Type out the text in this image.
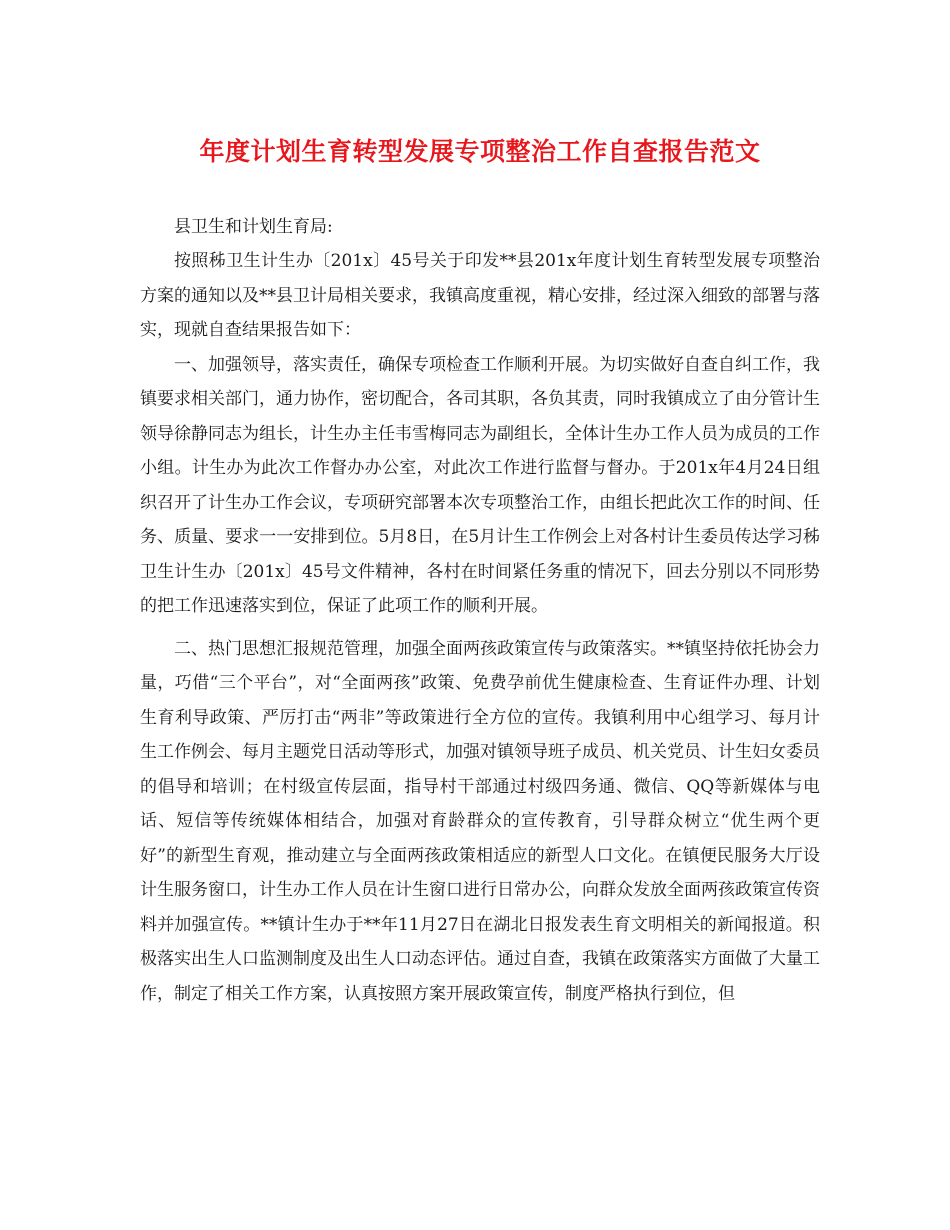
年度计划生育转型发展专项整治工作自查报告范文

县卫生和计划生育局:

按照秭卫生计生办〔201x〕45号关于印发**县201x年度计划生育转型发展专项整治方案的通知以及**县卫计局相关要求，我镇高度重视，精心安排，经过深入细致的部署与落实，现就自查结果报告如下：

一、加强领导，落实责任，确保专项检查工作顺利开展。为切实做好自查自纠工作，我镇要求相关部门，通力协作，密切配合，各司其职，各负其责，同时我镇成立了由分管计生领导徐静同志为组长，计生办主任韦雪梅同志为副组长，全体计生办工作人员为成员的工作小组。计生办为此次工作督办办公室，对此次工作进行监督与督办。于201x年4月24日组织召开了计生办工作会议，专项研究部署本次专项整治工作，由组长把此次工作的时间、任务、质量、要求一一安排到位。5月8日，在5月计生工作例会上对各村计生委员传达学习秭卫生计生办〔201x〕45号文件精神，各村在时间紧任务重的情况下，回去分别以不同形势的把工作迅速落实到位，保证了此项工作的顺利开展。

二、热门思想汇报规范管理，加强全面两孩政策宣传与政策落实。**镇坚持依托协会力量，巧借“三个平台”，对“全面两孩”政策、免费孕前优生健康检查、生育证件办理、计划生育利导政策、严厉打击“两非”等政策进行全方位的宣传。我镇利用中心组学习、每月计生工作例会、每月主题党日活动等形式，加强对镇领导班子成员、机关党员、计生妇女委员的倡导和培训；在村级宣传层面，指导村干部通过村级四务通、微信、QQ等新媒体与电话、短信等传统媒体相结合，加强对育龄群众的宣传教育，引导群众树立“优生两个更好”的新型生育观，推动建立与全面两孩政策相适应的新型人口文化。在镇便民服务大厅设计生服务窗口，计生办工作人员在计生窗口进行日常办公，向群众发放全面两孩政策宣传资料并加强宣传。**镇计生办于**年11月27日在湖北日报发表生育文明相关的新闻报道。积极落实出生人口监测制度及出生人口动态评估。通过自查，我镇在政策落实方面做了大量工作，制定了相关工作方案，认真按照方案开展政策宣传，制度严格执行到位，但
